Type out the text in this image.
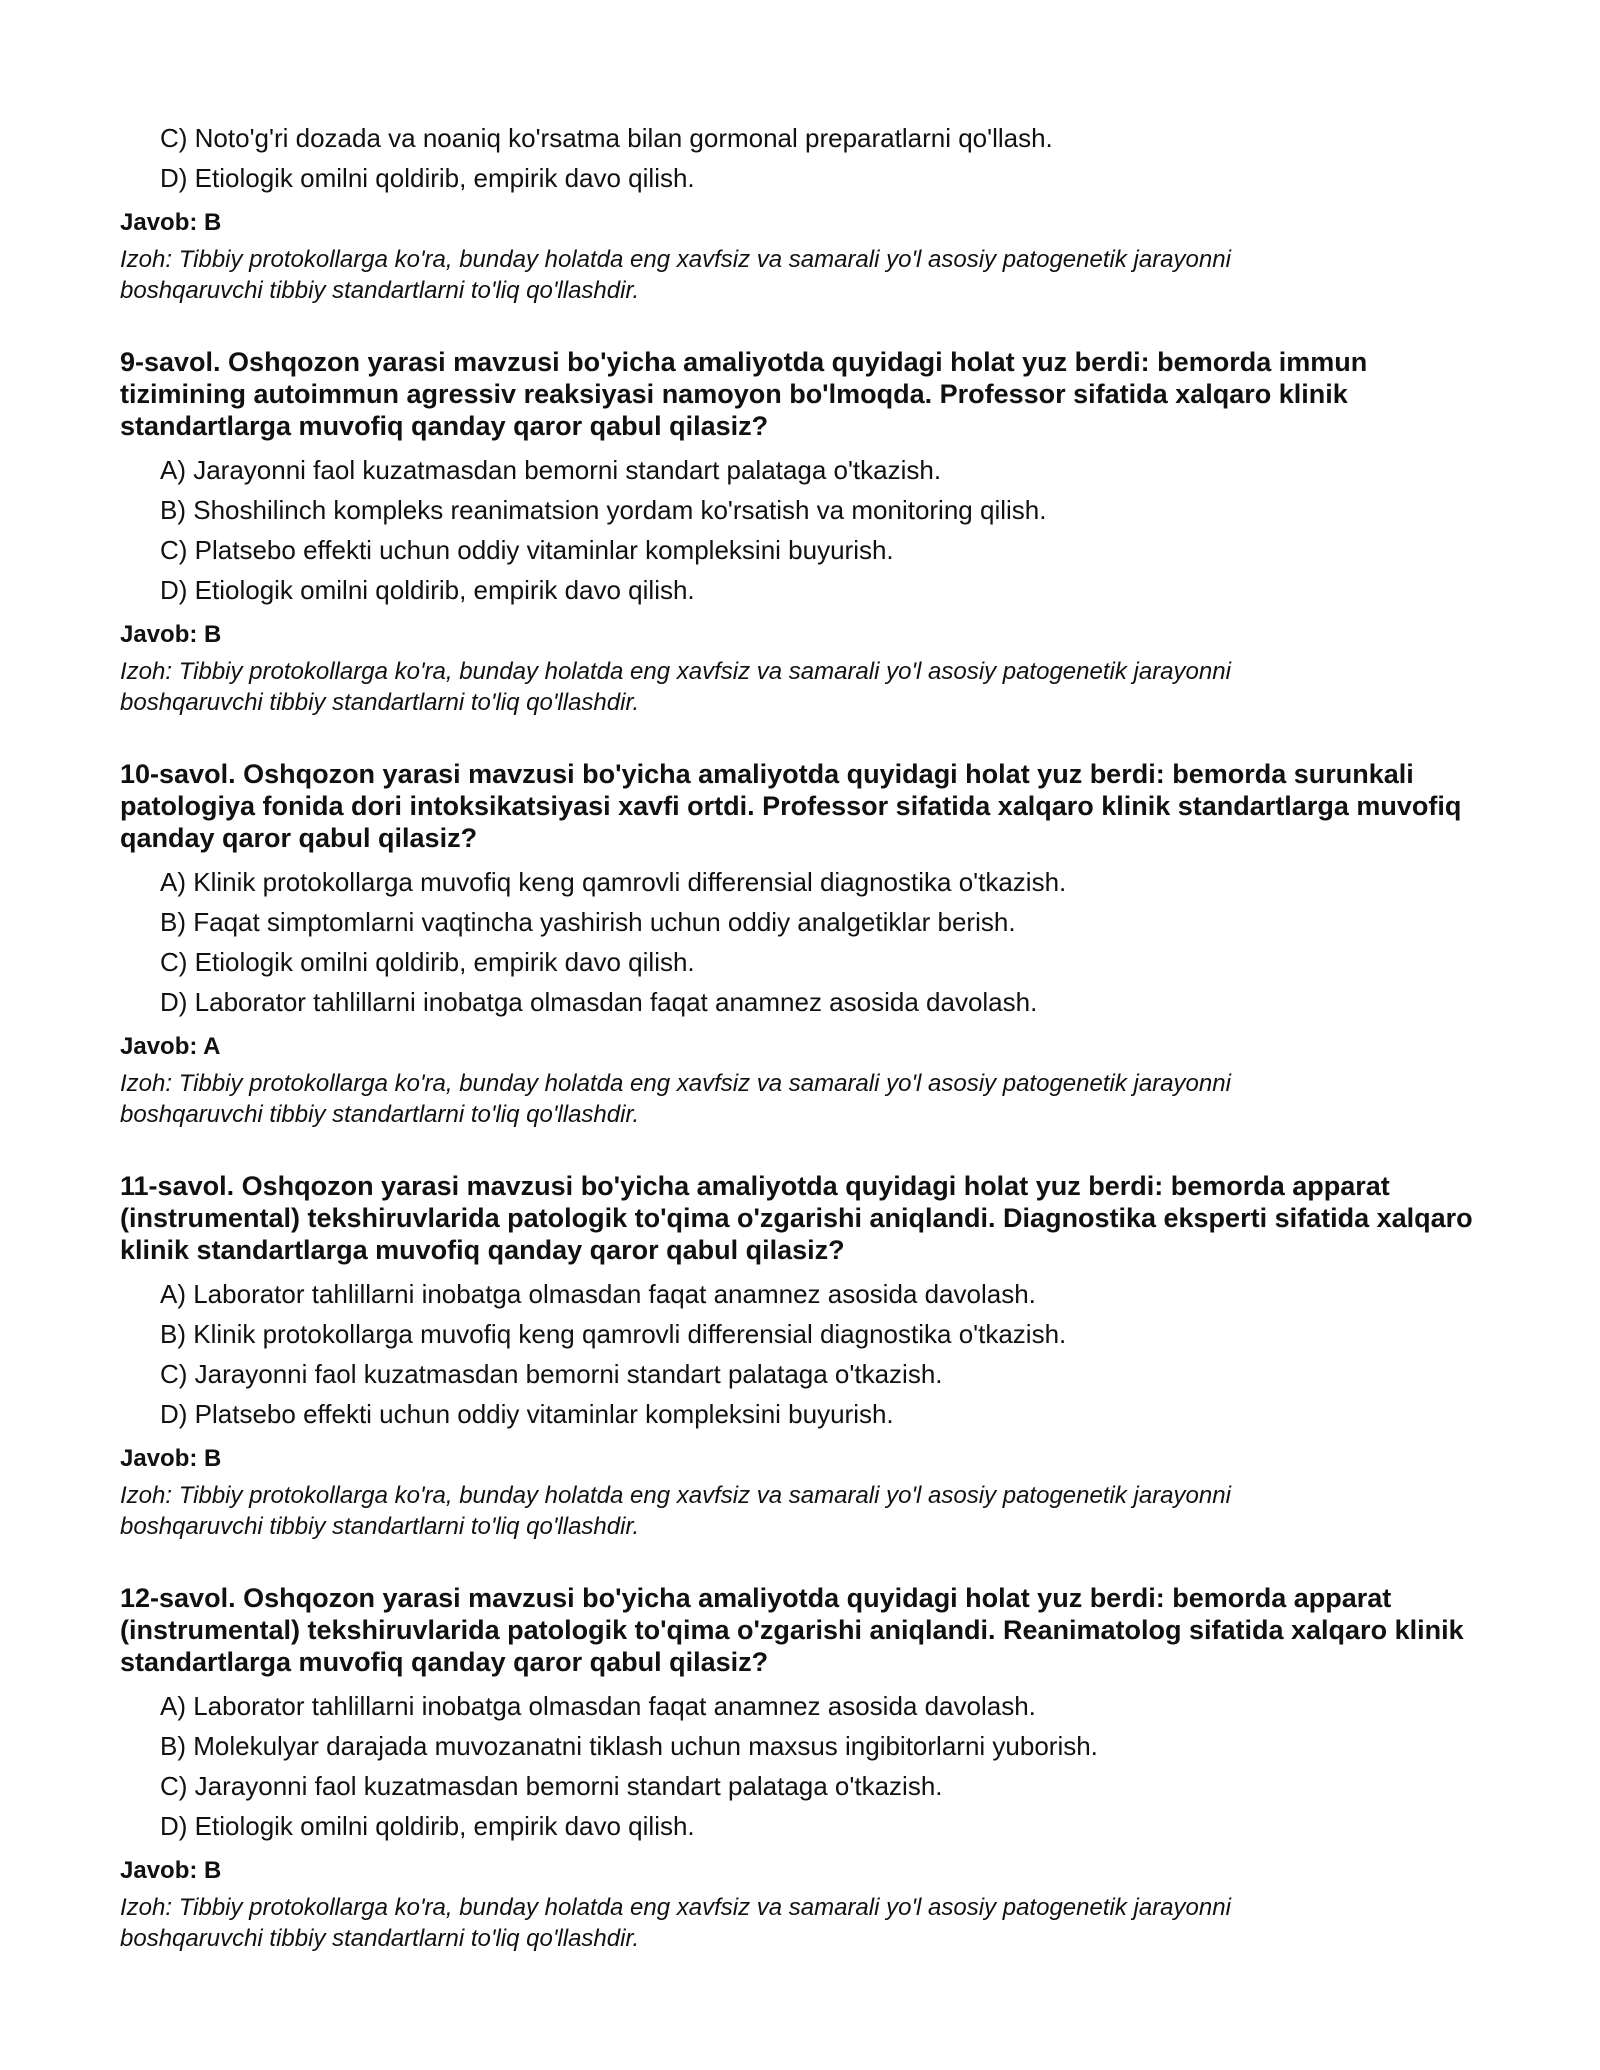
C) Noto'g'ri dozada va noaniq ko'rsatma bilan gormonal preparatlarni qo'llash.
D) Etiologik omilni qoldirib, empirik davo qilish.
Javob: B
Izoh: Tibbiy protokollarga ko'ra, bunday holatda eng xavfsiz va samarali yo'l asosiy patogenetik jarayonni boshqaruvchi tibbiy standartlarni to'liq qo'llashdir.

9-savol. Oshqozon yarasi mavzusi bo'yicha amaliyotda quyidagi holat yuz berdi: bemorda immun tizimining autoimmun agressiv reaksiyasi namoyon bo'lmoqda. Professor sifatida xalqaro klinik standartlarga muvofiq qanday qaror qabul qilasiz?

A) Jarayonni faol kuzatmasdan bemorni standart palataga o'tkazish.
B) Shoshilinch kompleks reanimatsion yordam ko'rsatish va monitoring qilish.
C) Platsebo effekti uchun oddiy vitaminlar kompleksini buyurish.
D) Etiologik omilni qoldirib, empirik davo qilish.
Javob: B
Izoh: Tibbiy protokollarga ko'ra, bunday holatda eng xavfsiz va samarali yo'l asosiy patogenetik jarayonni boshqaruvchi tibbiy standartlarni to'liq qo'llashdir.

10-savol. Oshqozon yarasi mavzusi bo'yicha amaliyotda quyidagi holat yuz berdi: bemorda surunkali patologiya fonida dori intoksikatsiyasi xavfi ortdi. Professor sifatida xalqaro klinik standartlarga muvofiq qanday qaror qabul qilasiz?

A) Klinik protokollarga muvofiq keng qamrovli differensial diagnostika o'tkazish.
B) Faqat simptomlarni vaqtincha yashirish uchun oddiy analgetiklar berish.
C) Etiologik omilni qoldirib, empirik davo qilish.
D) Laborator tahlillarni inobatga olmasdan faqat anamnez asosida davolash.
Javob: A
Izoh: Tibbiy protokollarga ko'ra, bunday holatda eng xavfsiz va samarali yo'l asosiy patogenetik jarayonni boshqaruvchi tibbiy standartlarni to'liq qo'llashdir.

11-savol. Oshqozon yarasi mavzusi bo'yicha amaliyotda quyidagi holat yuz berdi: bemorda apparat (instrumental) tekshiruvlarida patologik to'qima o'zgarishi aniqlandi. Diagnostika eksperti sifatida xalqaro klinik standartlarga muvofiq qanday qaror qabul qilasiz?

A) Laborator tahlillarni inobatga olmasdan faqat anamnez asosida davolash.
B) Klinik protokollarga muvofiq keng qamrovli differensial diagnostika o'tkazish.
C) Jarayonni faol kuzatmasdan bemorni standart palataga o'tkazish.
D) Platsebo effekti uchun oddiy vitaminlar kompleksini buyurish.
Javob: B
Izoh: Tibbiy protokollarga ko'ra, bunday holatda eng xavfsiz va samarali yo'l asosiy patogenetik jarayonni boshqaruvchi tibbiy standartlarni to'liq qo'llashdir.

12-savol. Oshqozon yarasi mavzusi bo'yicha amaliyotda quyidagi holat yuz berdi: bemorda apparat (instrumental) tekshiruvlarida patologik to'qima o'zgarishi aniqlandi. Reanimatolog sifatida xalqaro klinik standartlarga muvofiq qanday qaror qabul qilasiz?

A) Laborator tahlillarni inobatga olmasdan faqat anamnez asosida davolash.
B) Molekulyar darajada muvozanatni tiklash uchun maxsus ingibitorlarni yuborish.
C) Jarayonni faol kuzatmasdan bemorni standart palataga o'tkazish.
D) Etiologik omilni qoldirib, empirik davo qilish.
Javob: B
Izoh: Tibbiy protokollarga ko'ra, bunday holatda eng xavfsiz va samarali yo'l asosiy patogenetik jarayonni boshqaruvchi tibbiy standartlarni to'liq qo'llashdir.
